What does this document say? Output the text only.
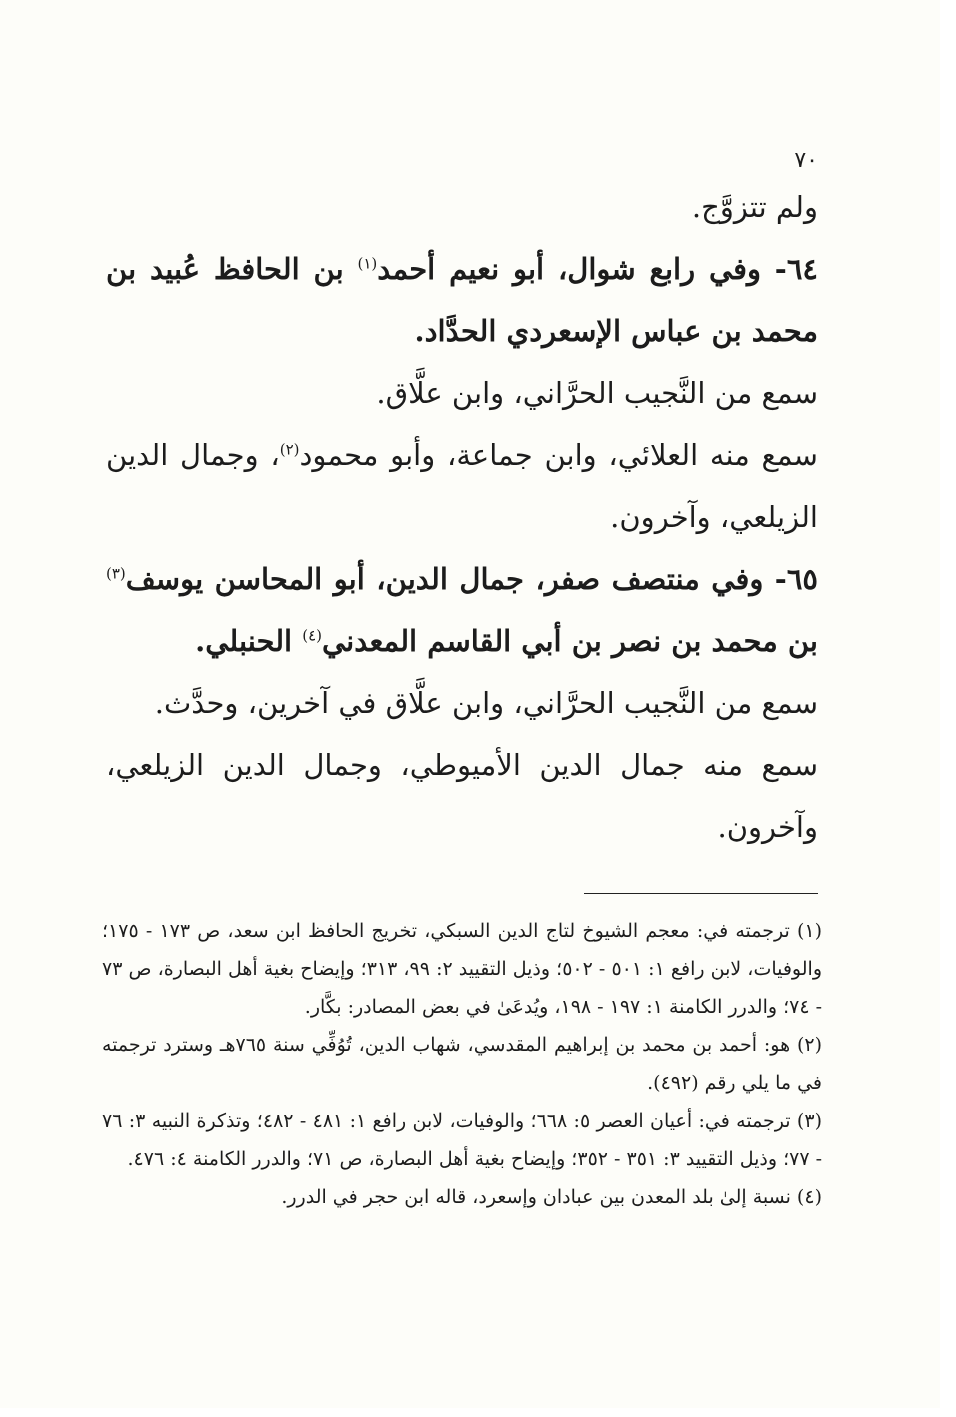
٧٠

ولم تتزوَّج.

٦٤- وفي رابع شوال، أبو نعيم أحمد$^{(١)}$ بن الحافظ عُبيد بن محمد بن عباس الإسعردي الحدَّاد.

سمع من النَّجيب الحرَّاني، وابن علَّاق.

سمع منه العلائي، وابن جماعة، وأبو محمود$^{(٢)}$، وجمال الدين الزيلعي، وآخرون.

٦٥- وفي منتصف صفر، جمال الدين، أبو المحاسن يوسف$^{(٣)}$ بن محمد بن نصر بن أبي القاسم المعدني$^{(٤)}$ الحنبلي.

سمع من النَّجيب الحرَّاني، وابن علَّاق في آخرين، وحدَّث.

سمع منه جمال الدين الأميوطي، وجمال الدين الزيلعي، وآخرون.

(١) ترجمته في: معجم الشيوخ لتاج الدين السبكي، تخريج الحافظ ابن سعد، ص ١٧٣ - ١٧٥؛ والوفيات، لابن رافع ١: ٥٠١ - ٥٠٢؛ وذيل التقييد ٢: ٩٩، ٣١٣؛ وإيضاح بغية أهل البصارة، ص ٧٣ - ٧٤؛ والدرر الكامنة ١: ١٩٧ - ١٩٨، ويُدعَىٰ في بعض المصادر: بكَّار.

(٢) هو: أحمد بن محمد بن إبراهيم المقدسي، شهاب الدين، تُوُفِّي سنة ٧٦٥هـ وسترد ترجمته في ما يلي رقم (٤٩٢).

(٣) ترجمته في: أعيان العصر ٥: ٦٦٨؛ والوفيات، لابن رافع ١: ٤٨١ - ٤٨٢؛ وتذكرة النبيه ٣: ٧٦ - ٧٧؛ وذيل التقييد ٣: ٣٥١ - ٣٥٢؛ وإيضاح بغية أهل البصارة، ص ٧١؛ والدرر الكامنة ٤: ٤٧٦.

(٤) نسبة إلىٰ بلد المعدن بين عبادان وإسعرد، قاله ابن حجر في الدرر.
